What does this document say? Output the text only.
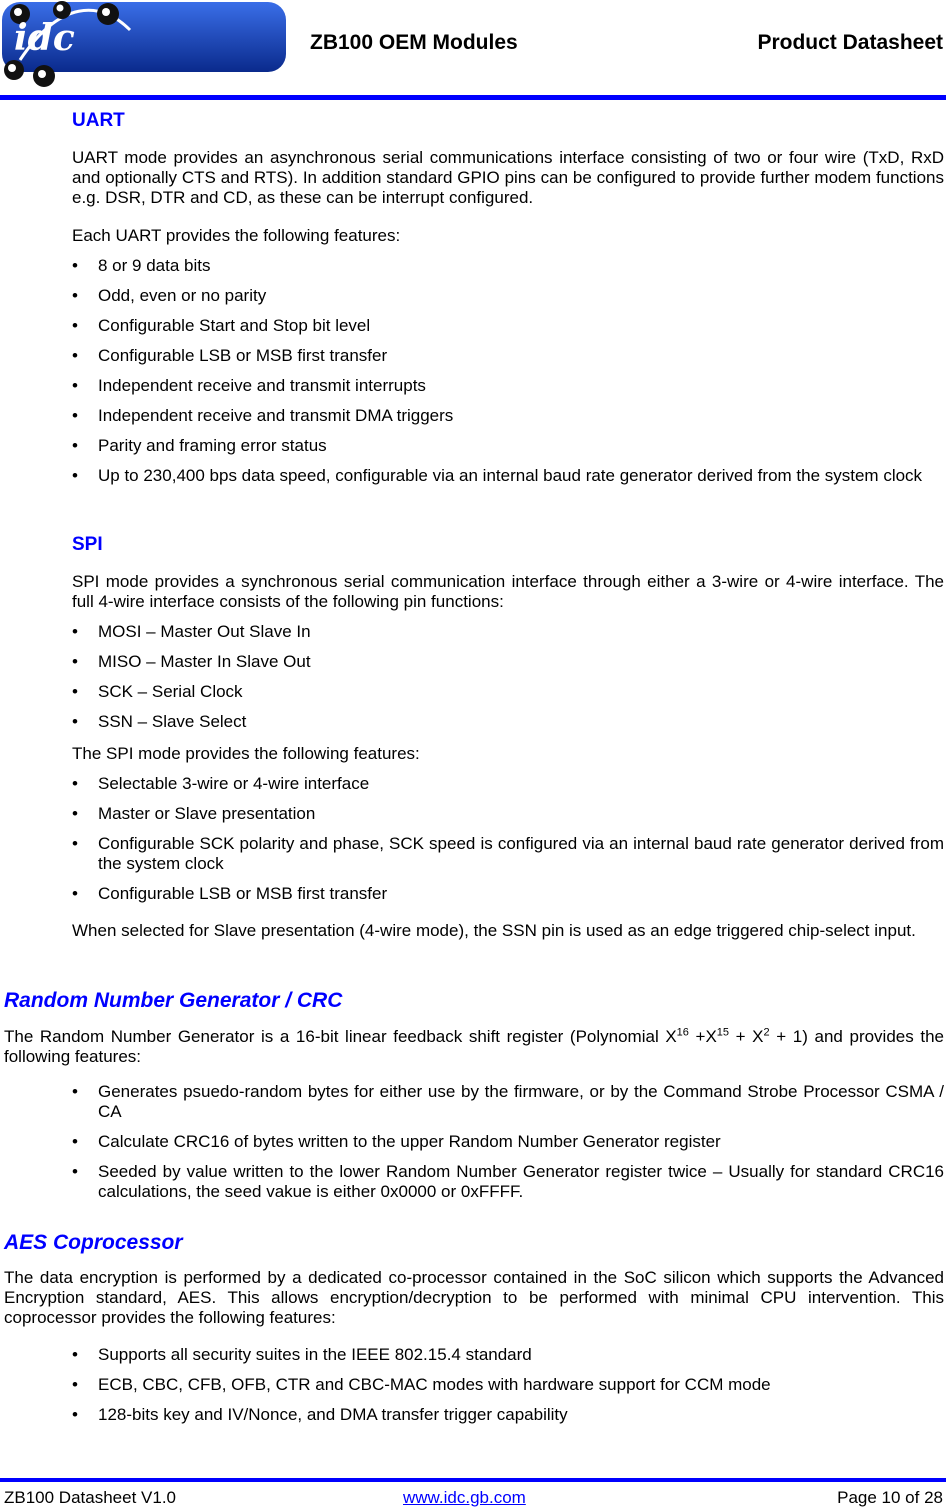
idc	ZB100 OEM Modules	Product Datasheet
UART

UART mode provides an asynchronous serial communications interface consisting of two or four wire (TxD, RxD and optionally CTS and RTS). In addition standard GPIO pins can be configured to provide further modem functions e.g. DSR, DTR and CD, as these can be interrupt configured.

Each UART provides the following features:

• 8 or 9 data bits
• Odd, even or no parity
• Configurable Start and Stop bit level
• Configurable LSB or MSB first transfer
• Independent receive and transmit interrupts
• Independent receive and transmit DMA triggers
• Parity and framing error status
• Up to 230,400 bps data speed, configurable via an internal baud rate generator derived from the system clock
SPI

SPI mode provides a synchronous serial communication interface through either a 3-wire or 4-wire interface. The full 4-wire interface consists of the following pin functions:

• MOSI – Master Out Slave In
• MISO – Master In Slave Out
• SCK – Serial Clock
• SSN – Slave Select

The SPI mode provides the following features:

• Selectable 3-wire or 4-wire interface
• Master or Slave presentation
• Configurable SCK polarity and phase, SCK speed is configured via an internal baud rate generator derived from the system clock
• Configurable LSB or MSB first transfer

When selected for Slave presentation (4-wire mode), the SSN pin is used as an edge triggered chip-select input.

Random Number Generator / CRC

The Random Number Generator is a 16-bit linear feedback shift register (Polynomial $X^{16} +X^{15} + X^2 + 1$) and provides the following features:

• Generates psuedo-random bytes for either use by the firmware, or by the Command Strobe Processor CSMA / CA
• Calculate CRC16 of bytes written to the upper Random Number Generator register
• Seeded by value written to the lower Random Number Generator register twice – Usually for standard CRC16 calculations, the seed vakue is either 0x0000 or 0xFFFF.
AES Coprocessor

The data encryption is performed by a dedicated co-processor contained in the SoC silicon which supports the Advanced Encryption standard, AES. This allows encryption/decryption to be performed with minimal CPU intervention. This coprocessor provides the following features:

• Supports all security suites in the IEEE 802.15.4 standard
• ECB, CBC, CFB, OFB, CTR and CBC-MAC modes with hardware support for CCM mode
• 128-bits key and IV/Nonce, and DMA transfer trigger capability
ZB100 Datasheet V1.0	www.idc.gb.com	Page 10 of 28
